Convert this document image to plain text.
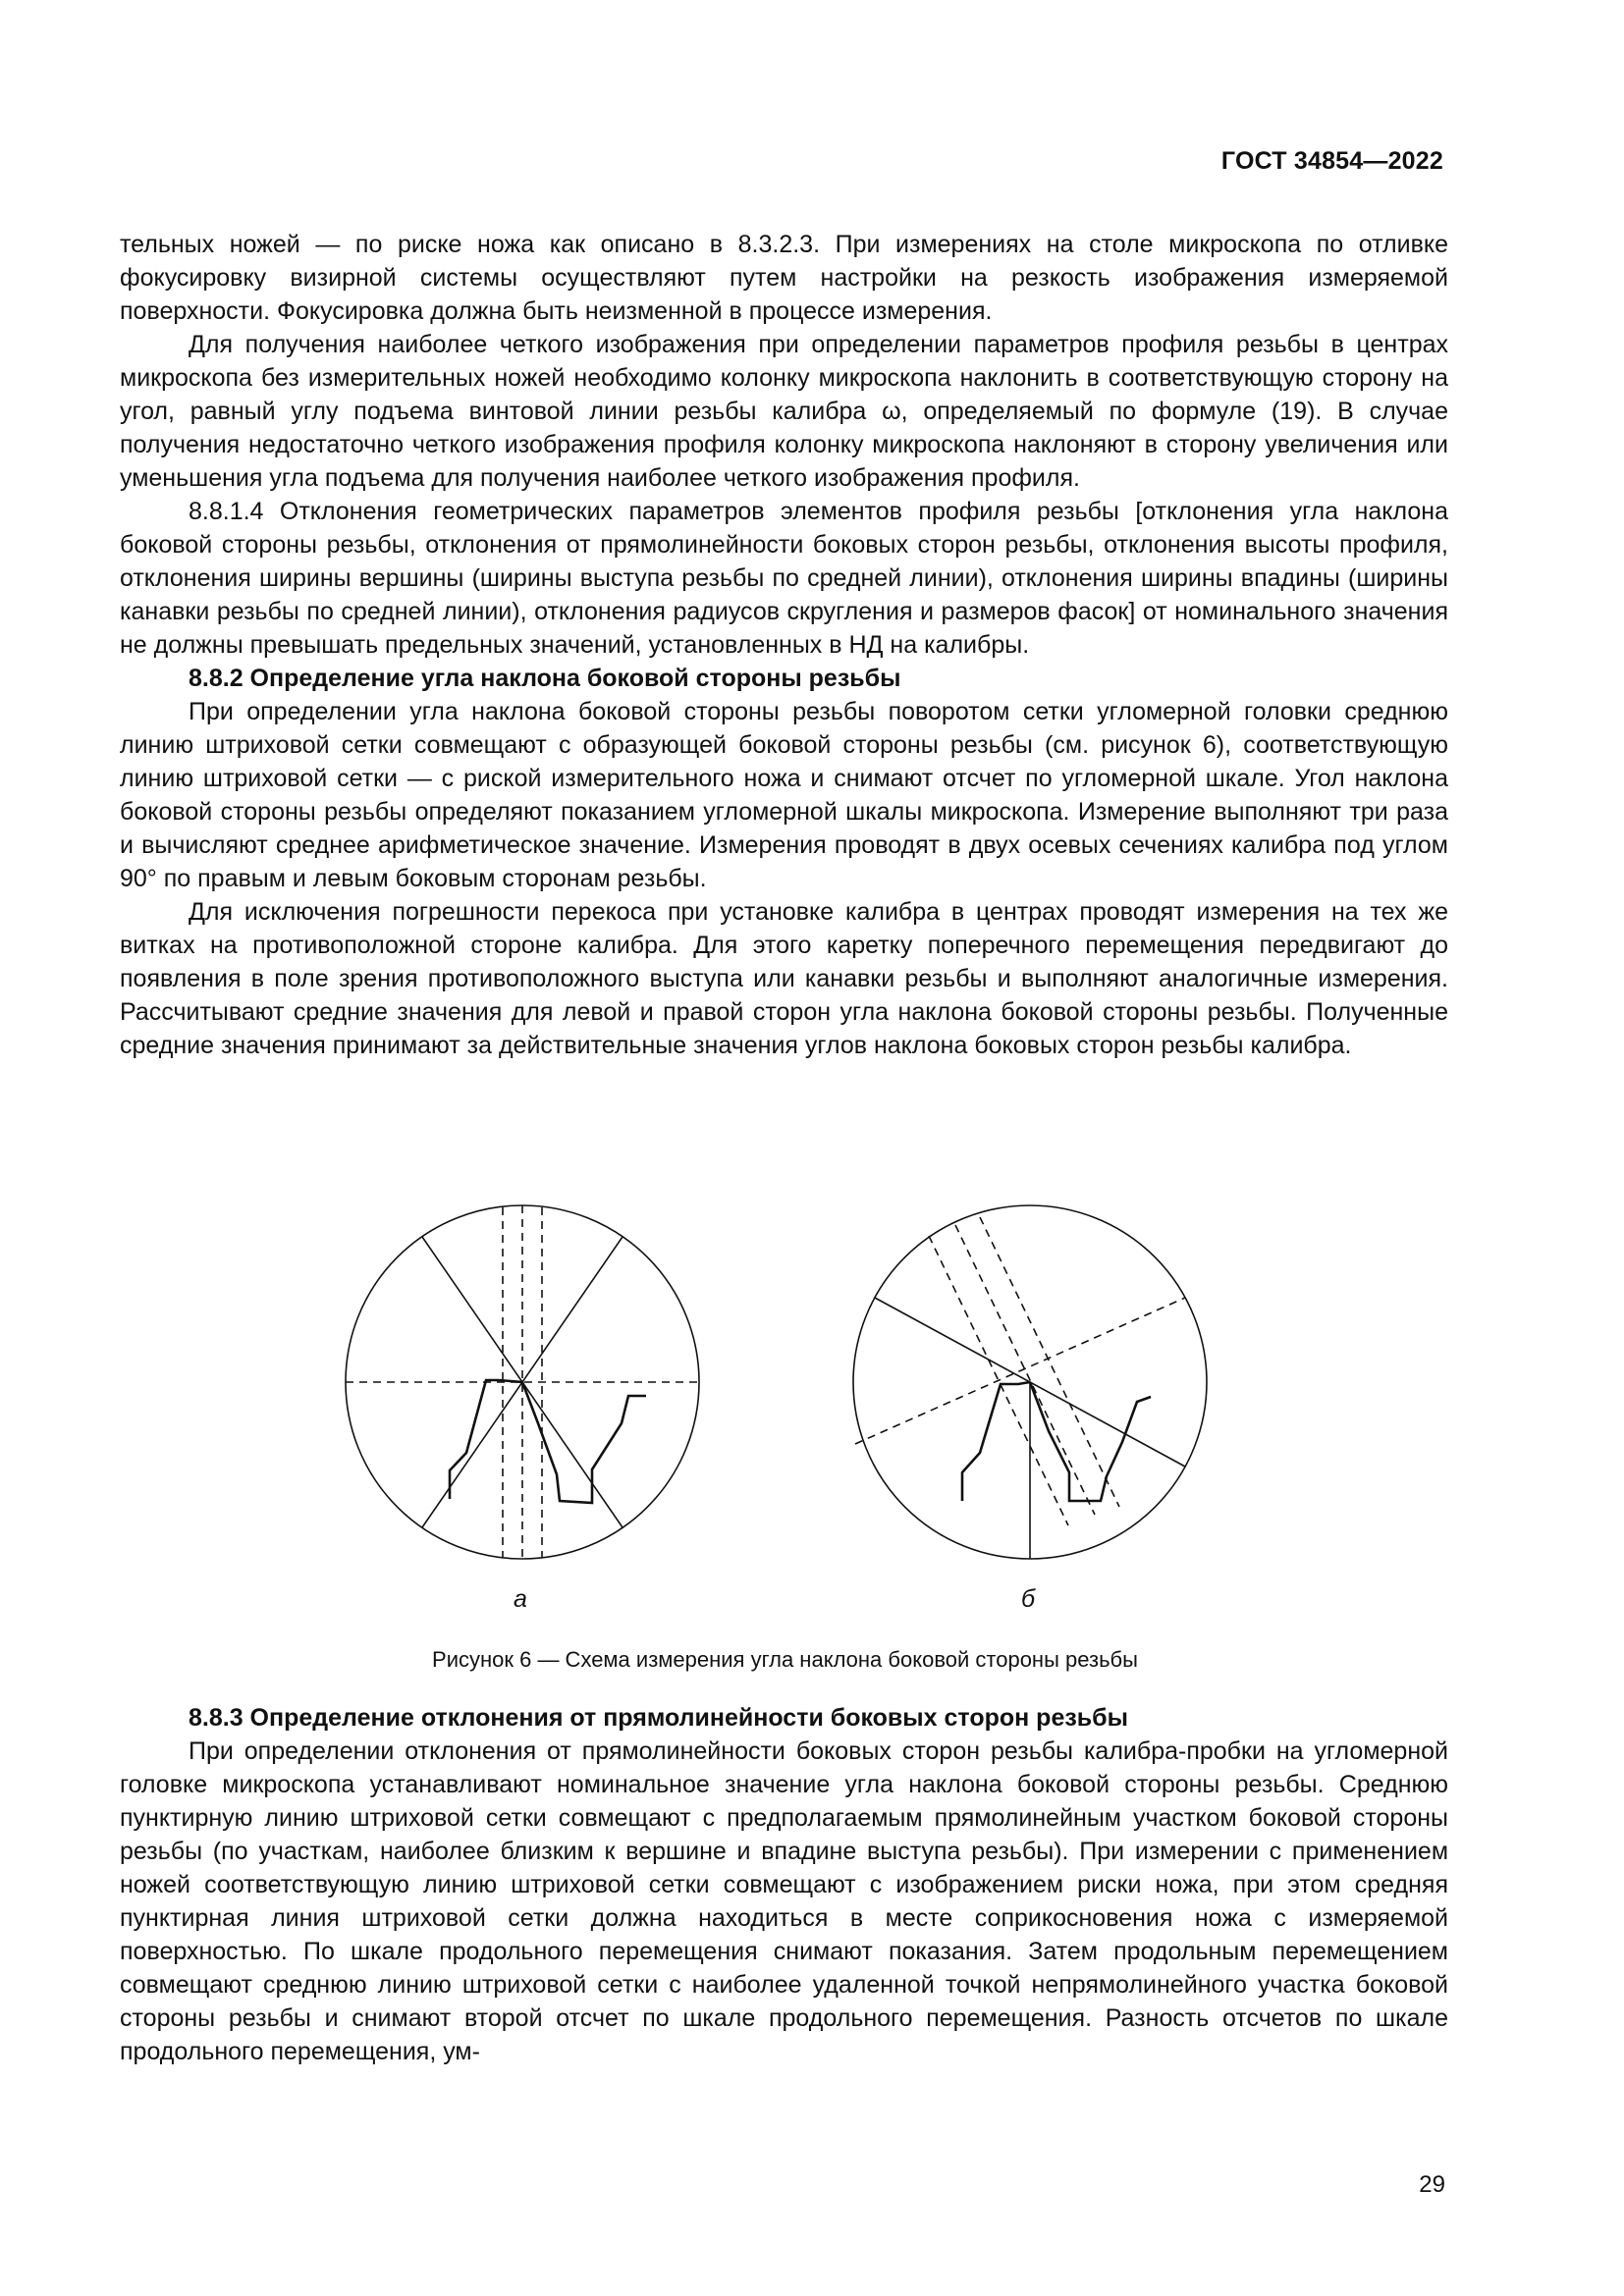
ГОСТ 34854—2022

тельных ножей — по риске ножа как описано в 8.3.2.3. При измерениях на столе микроскопа по отливке фокусировку визирной системы осуществляют путем настройки на резкость изображения измеряемой поверхности. Фокусировка должна быть неизменной в процессе измерения.

Для получения наиболее четкого изображения при определении параметров профиля резьбы в центрах микроскопа без измерительных ножей необходимо колонку микроскопа наклонить в соответствующую сторону на угол, равный углу подъема винтовой линии резьбы калибра ω, определяемый по формуле (19). В случае получения недостаточно четкого изображения профиля колонку микроскопа наклоняют в сторону увеличения или уменьшения угла подъема для получения наиболее четкого изображения профиля.

8.8.1.4 Отклонения геометрических параметров элементов профиля резьбы [отклонения угла наклона боковой стороны резьбы, отклонения от прямолинейности боковых сторон резьбы, отклонения высоты профиля, отклонения ширины вершины (ширины выступа резьбы по средней линии), отклонения ширины впадины (ширины канавки резьбы по средней линии), отклонения радиусов скругления и размеров фасок] от номинального значения не должны превышать предельных значений, установленных в НД на калибры.

8.8.2 Определение угла наклона боковой стороны резьбы

При определении угла наклона боковой стороны резьбы поворотом сетки угломерной головки среднюю линию штриховой сетки совмещают с образующей боковой стороны резьбы (см. рисунок 6), соответствующую линию штриховой сетки — с риской измерительного ножа и снимают отсчет по угломерной шкале. Угол наклона боковой стороны резьбы определяют показанием угломерной шкалы микроскопа. Измерение выполняют три раза и вычисляют среднее арифметическое значение. Измерения проводят в двух осевых сечениях калибра под углом 90° по правым и левым боковым сторонам резьбы.

Для исключения погрешности перекоса при установке калибра в центрах проводят измерения на тех же витках на противоположной стороне калибра. Для этого каретку поперечного перемещения передвигают до появления в поле зрения противоположного выступа или канавки резьбы и выполняют аналогичные измерения. Рассчитывают средние значения для левой и правой сторон угла наклона боковой стороны резьбы. Полученные средние значения принимают за действительные значения углов наклона боковых сторон резьбы калибра.

а	б
Рисунок 6 — Схема измерения угла наклона боковой стороны резьбы
8.8.3 Определение отклонения от прямолинейности боковых сторон резьбы

При определении отклонения от прямолинейности боковых сторон резьбы калибра-пробки на угломерной головке микроскопа устанавливают номинальное значение угла наклона боковой стороны резьбы. Среднюю пунктирную линию штриховой сетки совмещают с предполагаемым прямолинейным участком боковой стороны резьбы (по участкам, наиболее близким к вершине и впадине выступа резьбы). При измерении с применением ножей соответствующую линию штриховой сетки совмещают с изображением риски ножа, при этом средняя пунктирная линия штриховой сетки должна находиться в месте соприкосновения ножа с измеряемой поверхностью. По шкале продольного перемещения снимают показания. Затем продольным перемещением совмещают среднюю линию штриховой сетки с наиболее удаленной точкой непрямолинейного участка боковой стороны резьбы и снимают второй отсчет по шкале продольного перемещения. Разность отсчетов по шкале продольного перемещения, ум-

29
